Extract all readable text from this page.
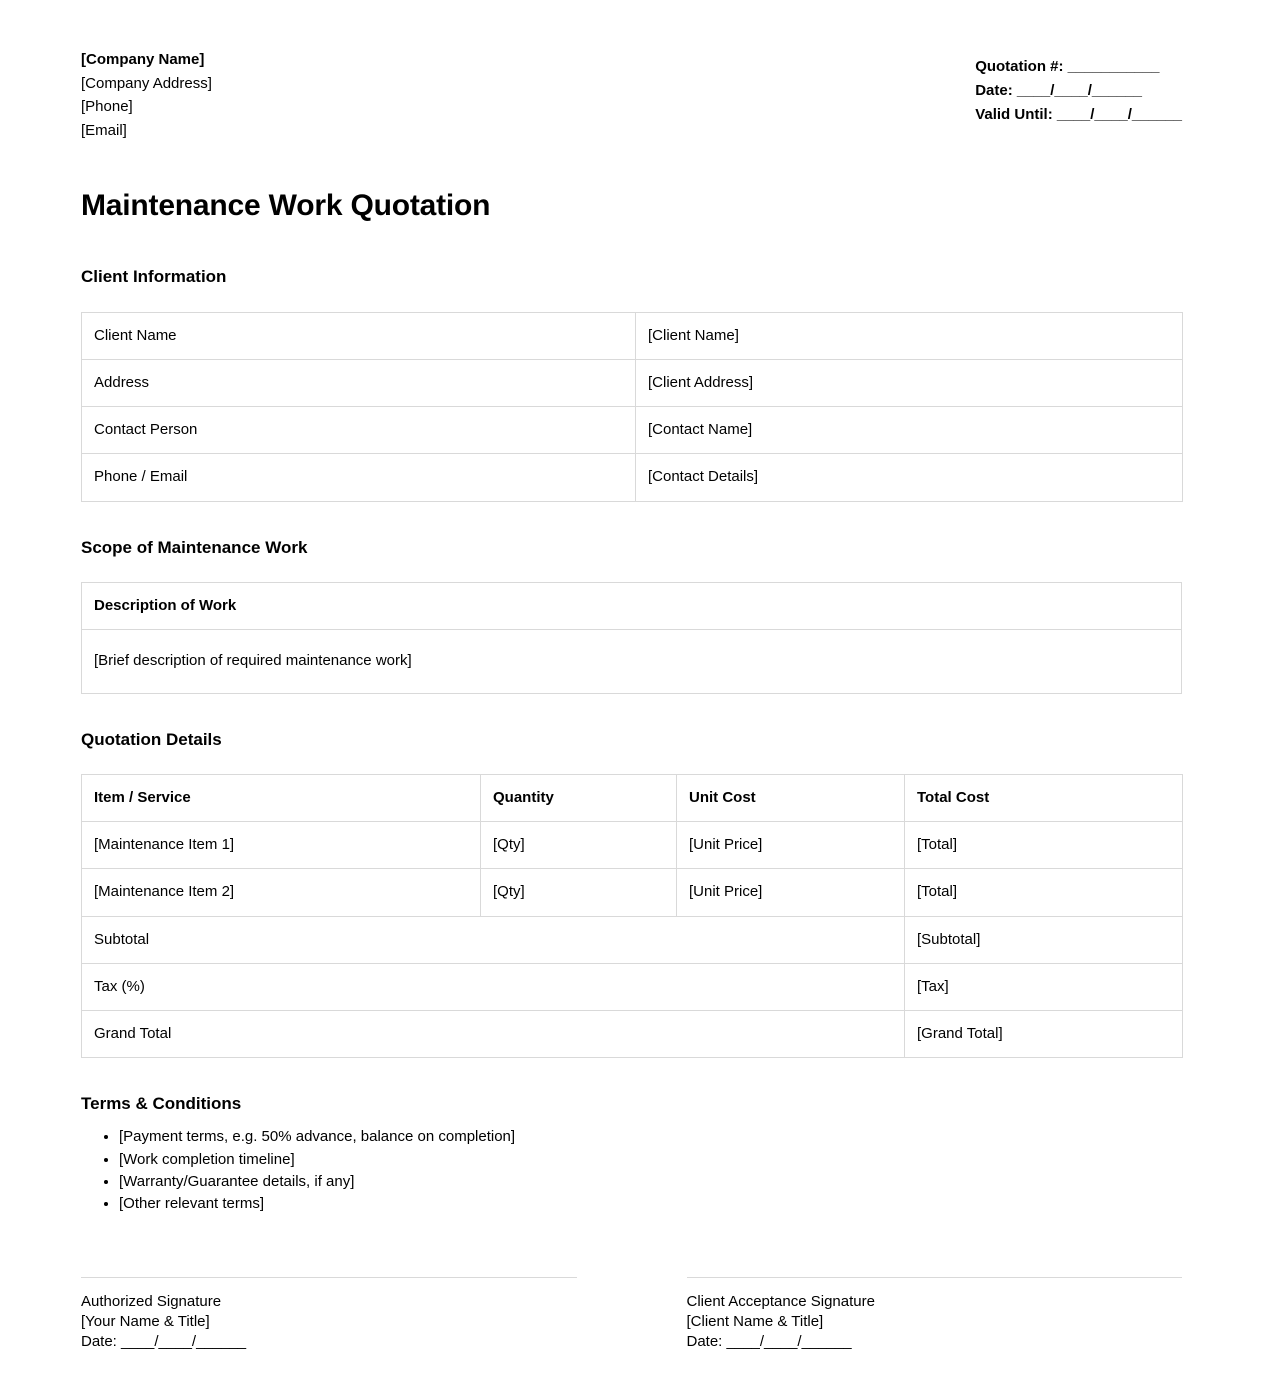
[Company Name]
[Company Address]
[Phone]
[Email]
Quotation #: ___________
Date: ____/____/______
Valid Until: ____/____/______
Maintenance Work Quotation
Client Information
Client Name	[Client Name]
Address	[Client Address]
Contact Person	[Contact Name]
Phone / Email	[Contact Details]
Scope of Maintenance Work
Description of Work
[Brief description of required maintenance work]
Quotation Details
Item / Service	Quantity	Unit Cost	Total Cost
[Maintenance Item 1]	[Qty]	[Unit Price]	[Total]
[Maintenance Item 2]	[Qty]	[Unit Price]	[Total]
Subtotal			[Subtotal]
Tax (%)			[Tax]
Grand Total			[Grand Total]
Terms & Conditions
• [Payment terms, e.g. 50% advance, balance on completion]
• [Work completion timeline]
• [Warranty/Guarantee details, if any]
• [Other relevant terms]
Authorized Signature
[Your Name & Title]
Date: ____/____/______
Client Acceptance Signature
[Client Name & Title]
Date: ____/____/______
